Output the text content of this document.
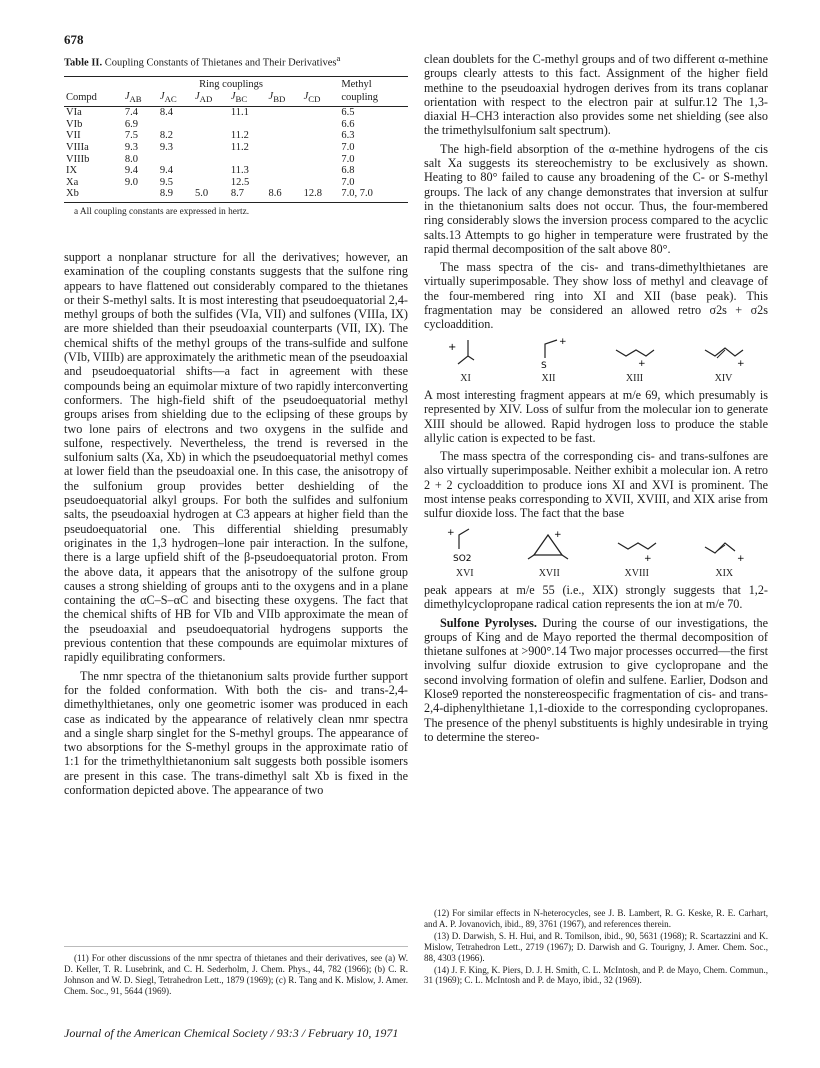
678
Table II. Coupling Constants of Thietanes and Their Derivatives$^a$
	Ring couplings						Methyl
Compd	$J_{AB}$	$J_{AC}$	$J_{AD}$	$J_{BC}$	$J_{BD}$	$J_{CD}$	coupling
VIa	7.4	8.4		11.1			6.5
VIb	6.9						6.6
VII	7.5	8.2		11.2			6.3
VIIIa	9.3	9.3		11.2			7.0
VIIIb	8.0						7.0
IX	9.4	9.4		11.3			6.8
Xa	9.0	9.5		12.5			7.0
Xb		8.9	5.0	8.7	8.6	12.8	7.0, 7.0
a All coupling constants are expressed in hertz.

support a nonplanar structure for all the derivatives; however, an examination of the coupling constants suggests that the sulfone ring appears to have flattened out considerably compared to the thietanes or their S-methyl salts. It is most interesting that pseudoequatorial 2,4-methyl groups of both the sulfides (VIa, VII) and sulfones (VIIIa, IX) are more shielded than their pseudoaxial counterparts (VII, IX). The chemical shifts of the methyl groups of the trans-sulfide and sulfone (VIb, VIIIb) are approximately the arithmetic mean of the pseudoaxial and pseudoequatorial shifts—a fact in agreement with these compounds being an equimolar mixture of two rapidly interconverting conformers. The high-field shift of the pseudoequatorial methyl groups arises from shielding due to the eclipsing of these groups by two lone pairs of electrons and two oxygens in the sulfide and sulfone, respectively. Nevertheless, the trend is reversed in the sulfonium salts (Xa, Xb) in which the pseudoequatorial methyl comes at lower field than the pseudoaxial one. In this case, the anisotropy of the sulfonium group provides better deshielding of the pseudoequatorial alkyl groups. For both the sulfides and sulfonium salts, the pseudoaxial hydrogen at C3 appears at higher field than the pseudoequatorial one. This differential shielding presumably originates in the 1,3 hydrogen–lone pair interaction. In the sulfone, there is a large upfield shift of the β-pseudoequatorial proton. From the above data, it appears that the anisotropy of the sulfone group causes a strong shielding of groups anti to the oxygens and in a plane containing the αC–S–αC and bisecting these oxygens. The fact that the chemical shifts of HB for VIb and VIIb approximate the mean of the pseudoaxial and pseudoequatorial hydrogens supports the previous contention that these compounds are equimolar mixtures of rapidly equilibrating conformers.

The nmr spectra of the thietanonium salts provide further support for the folded conformation. With both the cis- and trans-2,4-dimethylthietanes, only one geometric isomer was produced in each case as indicated by the appearance of relatively clean nmr spectra and a single sharp singlet for the S-methyl groups. The appearance of two absorptions for the S-methyl groups in the approximate ratio of 1:1 for the trimethylthietanonium salt suggests both possible isomers are present in this case. The trans-dimethyl salt Xb is fixed in the conformation depicted above. The appearance of two

(11) For other discussions of the nmr spectra of thietanes and their derivatives, see (a) W. D. Keller, T. R. Lusebrink, and C. H. Sederholm, J. Chem. Phys., 44, 782 (1966); (b) C. R. Johnson and W. D. Siegl, Tetrahedron Lett., 1879 (1969); (c) R. Tang and K. Mislow, J. Amer. Chem. Soc., 91, 5644 (1969).

clean doublets for the C-methyl groups and of two different α-methine groups clearly attests to this fact. Assignment of the higher field methine to the pseudoaxial hydrogen derives from its trans coplanar orientation with respect to the electron pair at sulfur.12 The 1,3-diaxial H–CH3 interaction also provides some net shielding (see also the trimethylsulfonium salt spectrum).

The high-field absorption of the α-methine hydrogens of the cis salt Xa suggests its stereochemistry to be exclusively as shown. Heating to 80° failed to cause any broadening of the C- or S-methyl groups. The lack of any change demonstrates that inversion at sulfur in the thietanonium salts does not occur. Thus, the four-membered ring considerably slows the inversion process compared to the acyclic salts.13 Attempts to go higher in temperature were frustrated by the rapid thermal decomposition of the salt above 80°.

The mass spectra of the cis- and trans-dimethylthietanes are virtually superimposable. They show loss of methyl and cleavage of the four-membered ring into XI and XII (base peak). This fragmentation may be considered an allowed retro σ2s + σ2s cycloaddition.

+
XI
S
+
XII
+
XIII
+
XIV

A most interesting fragment appears at m/e 69, which presumably is represented by XIV. Loss of sulfur from the molecular ion to generate XIII should be allowed. Rapid hydrogen loss to produce the stable allylic cation is expected to be fast.

The mass spectra of the corresponding cis- and trans-sulfones are also virtually superimposable. Neither exhibit a molecular ion. A retro 2 + 2 cycloaddition to produce ions XI and XVI is prominent. The most intense peaks corresponding to XVII, XVIII, and XIX arise from sulfur dioxide loss. The fact that the base

+
SO2
XVI
+
XVII
+
XVIII
+
XIX

peak appears at m/e 55 (i.e., XIX) strongly suggests that 1,2-dimethylcyclopropane radical cation represents the ion at m/e 70.

Sulfone Pyrolyses. During the course of our investigations, the groups of King and de Mayo reported the thermal decomposition of thietane sulfones at >900°.14 Two major processes occurred—the first involving sulfur dioxide extrusion to give cyclopropane and the second involving formation of olefin and sulfene. Earlier, Dodson and Klose9 reported the nonstereospecific fragmentation of cis- and trans-2,4-diphenylthietane 1,1-dioxide to the corresponding cyclopropanes. The presence of the phenyl substituents is highly undesirable in trying to determine the stereo-

(12) For similar effects in N-heterocycles, see J. B. Lambert, R. G. Keske, R. E. Carhart, and A. P. Jovanovich, ibid., 89, 3761 (1967), and references therein.

(13) D. Darwish, S. H. Hui, and R. Tomilson, ibid., 90, 5631 (1968); R. Scartazzini and K. Mislow, Tetrahedron Lett., 2719 (1967); D. Darwish and G. Tourigny, J. Amer. Chem. Soc., 88, 4303 (1966).

(14) J. F. King, K. Piers, D. J. H. Smith, C. L. McIntosh, and P. de Mayo, Chem. Commun., 31 (1969); C. L. McIntosh and P. de Mayo, ibid., 32 (1969).

Journal of the American Chemical Society / 93:3 / February 10, 1971
